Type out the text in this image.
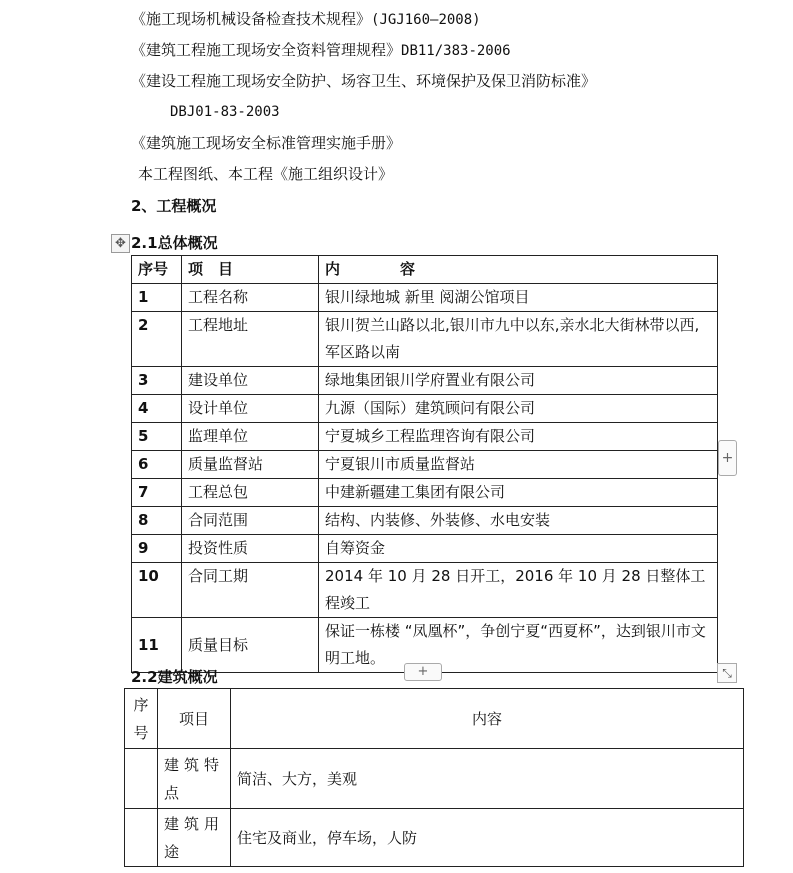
《施工现场机械设备检查技术规程》(JGJ160—2008)
《建筑工程施工现场安全资料管理规程》DB11/383-2006
《建设工程施工现场安全防护、场容卫生、环境保护及保卫消防标准》
DBJ01-83-2003
《建筑施工现场安全标准管理实施手册》
本工程图纸、本工程《施工组织设计》
2、工程概况
✥ 2.1总体概况
序号	项　目	内　　　　容
1	工程名称	银川绿地城 新里 阅湖公馆项目
2	工程地址	银川贺兰山路以北,银川市九中以东,亲水北大街林带以西,军区路以南
3	建设单位	绿地集团银川学府置业有限公司
4	设计单位	九源（国际）建筑顾问有限公司
5	监理单位	宁夏城乡工程监理咨询有限公司
6	质量监督站	宁夏银川市质量监督站
7	工程总包	中建新疆建工集团有限公司
8	合同范围	结构、内装修、外装修、水电安装
9	投资性质	自筹资金
10	合同工期	2014 年 10 月 28 日开工，2016 年 10 月 28 日整体工程竣工
11	质量目标	保证一栋楼 “凤凰杯”，争创宁夏“西夏杯”，达到银川市文明工地。
+
+	⤡
2.2建筑概况
序号	项目	内容
	建筑特点	简洁、大方，美观
	建筑用途	住宅及商业，停车场，人防
